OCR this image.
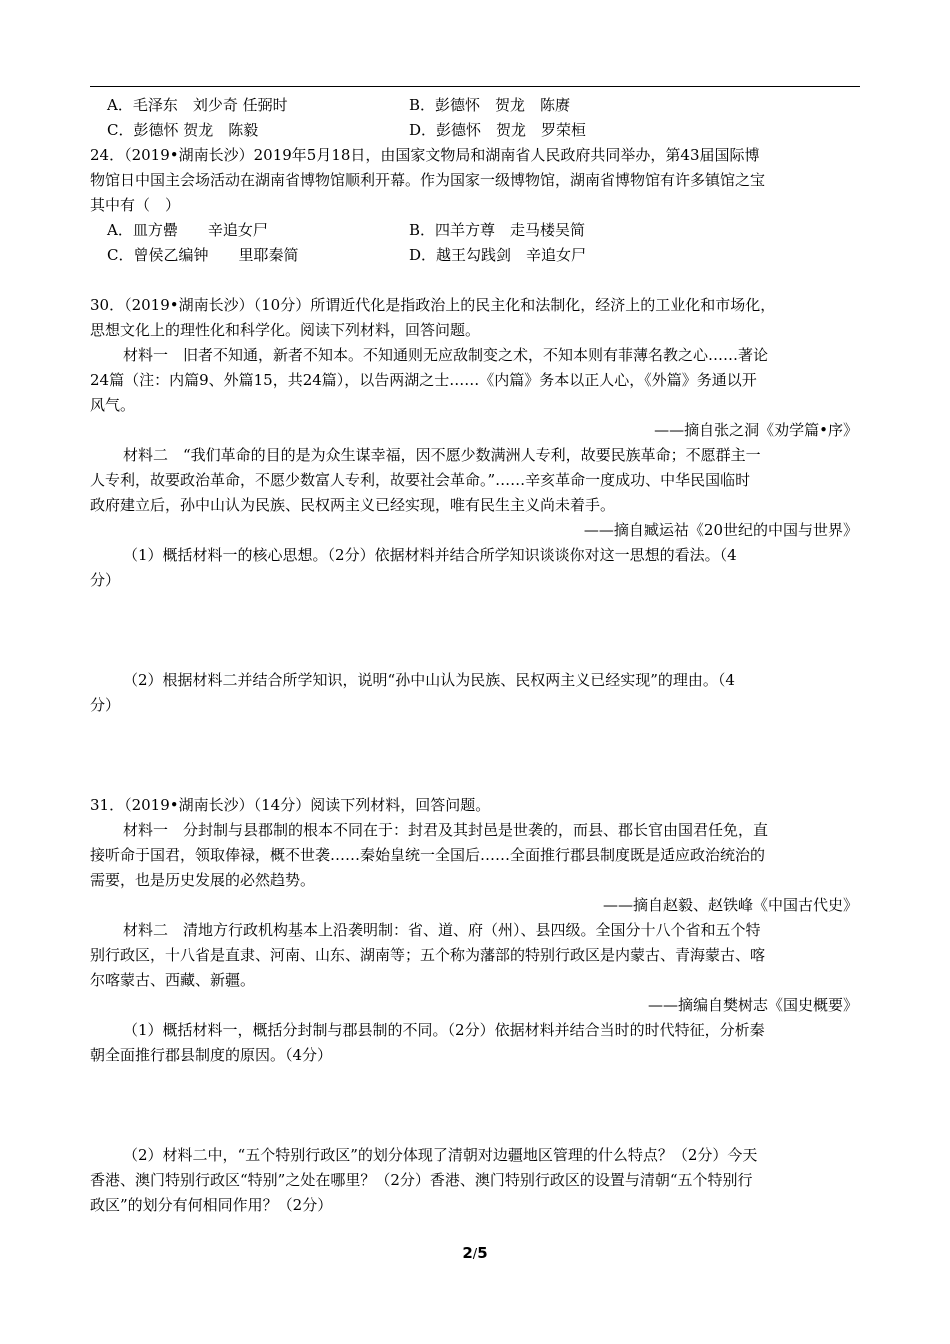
A．毛泽东　刘少奇 任弼时	B．彭德怀　贺龙　陈赓
C．彭德怀 贺龙　陈毅	D．彭德怀　贺龙　罗荣桓
24．（2019•湖南长沙）2019年5月18日，由国家文物局和湖南省人民政府共同举办，第43届国际博
物馆日中国主会场活动在湖南省博物馆顺利开幕。作为国家一级博物馆，湖南省博物馆有许多镇馆之宝
其中有（　）
A．皿方罍　　辛追女尸	B．四羊方尊　走马楼吴简
C．曾侯乙编钟　　里耶秦简	D．越王勾践剑　辛追女尸
30．（2019•湖南长沙）（10分）所谓近代化是指政治上的民主化和法制化，经济上的工业化和市场化，
思想文化上的理性化和科学化。阅读下列材料，回答问题。
材料一　旧者不知通，新者不知本。不知通则无应敌制变之术，不知本则有菲薄名教之心……著论
24篇（注：内篇9、外篇15，共24篇），以告两湖之士……《内篇》务本以正人心，《外篇》务通以开
风气。
——摘自张之洞《劝学篇•序》
材料二　“我们革命的目的是为众生谋幸福，因不愿少数满洲人专利，故要民族革命；不愿群主一
人专利，故要政治革命，不愿少数富人专利，故要社会革命。”……辛亥革命一度成功、中华民国临时
政府建立后，孙中山认为民族、民权两主义已经实现，唯有民生主义尚未着手。
——摘自臧运祜《20世纪的中国与世界》
（1）概括材料一的核心思想。（2分）依据材料并结合所学知识谈谈你对这一思想的看法。（4
分）
（2）根据材料二并结合所学知识，说明“孙中山认为民族、民权两主义已经实现”的理由。（4
分）
31．（2019•湖南长沙）（14分）阅读下列材料，回答问题。
材料一　分封制与县郡制的根本不同在于：封君及其封邑是世袭的，而县、郡长官由国君任免，直
接听命于国君，领取俸禄，概不世袭……秦始皇统一全国后……全面推行郡县制度既是适应政治统治的
需要，也是历史发展的必然趋势。
——摘自赵毅、赵铁峰《中国古代史》
材料二　清地方行政机构基本上沿袭明制：省、道、府（州）、县四级。全国分十八个省和五个特
别行政区，十八省是直隶、河南、山东、湖南等；五个称为藩部的特别行政区是内蒙古、青海蒙古、喀
尔喀蒙古、西藏、新疆。
——摘编自樊树志《国史概要》
（1）概括材料一，概括分封制与郡县制的不同。（2分）依据材料并结合当时的时代特征，分析秦
朝全面推行郡县制度的原因。（4分）
（2）材料二中，“五个特别行政区”的划分体现了清朝对边疆地区管理的什么特点？（2分）今天
香港、澳门特别行政区“特别”之处在哪里？（2分）香港、澳门特别行政区的设置与清朝“五个特别行
政区”的划分有何相同作用？（2分）
2/5
